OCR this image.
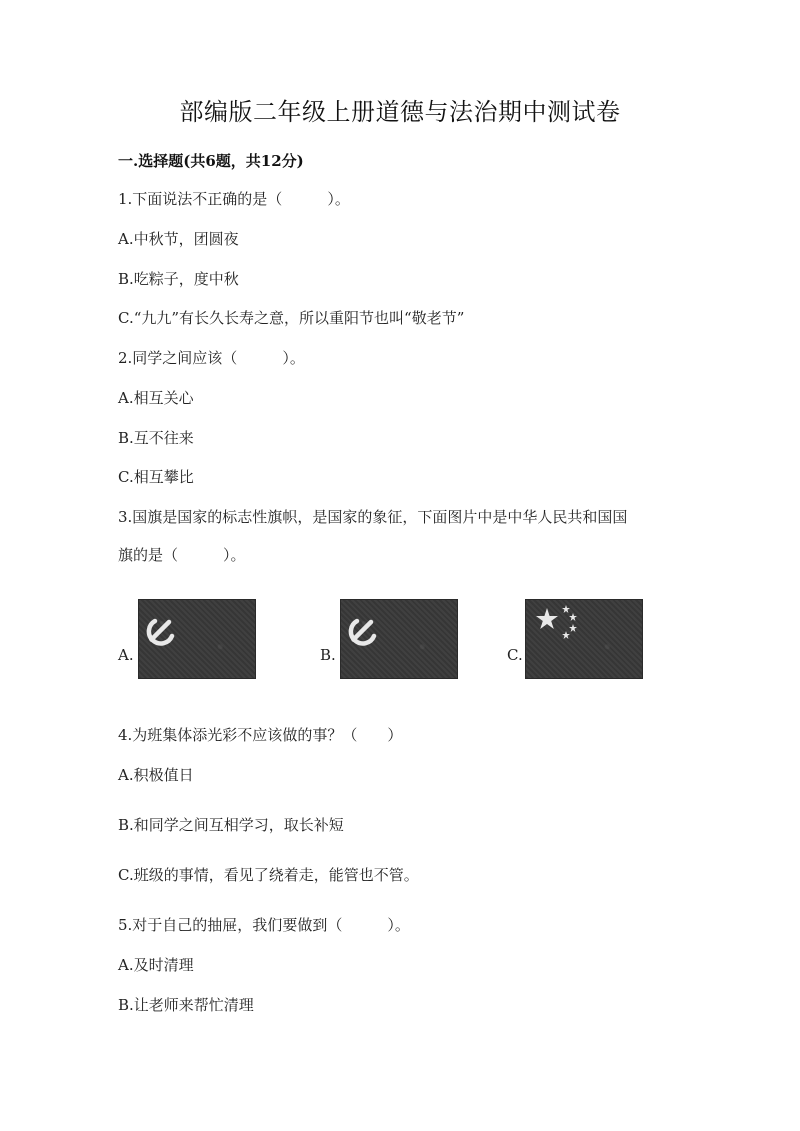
部编版二年级上册道德与法治期中测试卷
一.选择题(共6题，共12分)
1.下面说法不正确的是（　　　）。
A.中秋节，团圆夜
B.吃粽子，度中秋
C.“九九”有长久长寿之意，所以重阳节也叫“敬老节”
2.同学之间应该（　　　）。
A.相互关心
B.互不往来
C.相互攀比
3.国旗是国家的标志性旗帜，是国家的象征，下面图片中是中华人民共和国国
旗的是（　　　）。
A.	B.	C.
4.为班集体添光彩不应该做的事？（　　）
A.积极值日
B.和同学之间互相学习，取长补短
C.班级的事情，看见了绕着走，能管也不管。
5.对于自己的抽屉，我们要做到（　　　）。
A.及时清理
B.让老师来帮忙清理
